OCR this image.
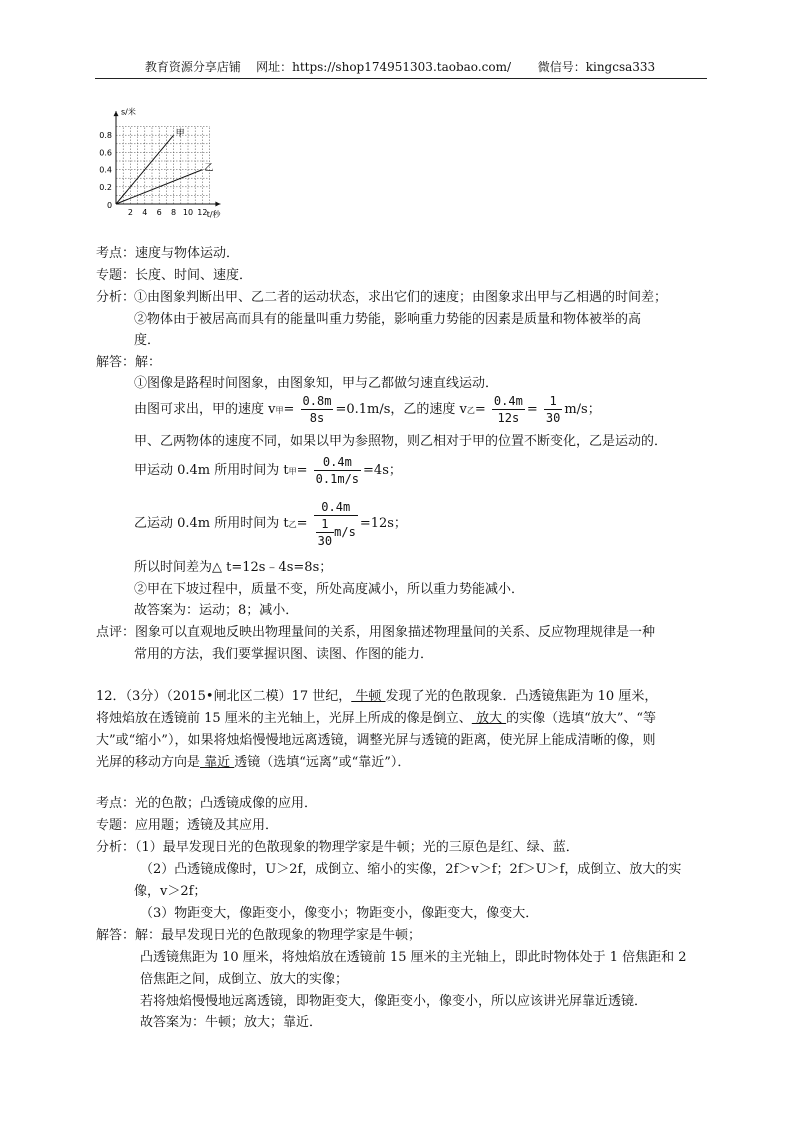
教育资源分享店铺 网址：https://shop174951303.taobao.com/ 微信号：kingcsa333
s/米
t/秒
0
2 4 6 8 10 12
0.8
0.6
0.4
0.2
甲
乙
考点：速度与物体运动．
专题：长度、时间、速度．
分析：
①由图象判断出甲、乙二者的运动状态，求出它们的速度；由图象求出甲与乙相遇的时间差；
②物体由于被居高而具有的能量叫重力势能，影响重力势能的因素是质量和物体被举的高
度．
解答：解：
①图像是路程时间图象，由图象知，甲与乙都做匀速直线运动．
由图可求出，甲的速度 v甲= $\frac{0.8m}{8s} =0.1m/s$，乙的速度 v乙= $\frac{0.4m}{12s} = \frac{1}{30} m/s$；
甲、乙两物体的速度不同，如果以甲为参照物，则乙相对于甲的位置不断变化，乙是运动的．
甲运动 0.4m 所用时间为 t甲= $\frac{0.4m}{0.1m/s} =4s$；
乙运动 0.4m 所用时间为 t乙= $\frac{0.4m}{\frac{1}{30} m/s} =12s$；
所以时间差为△ t=12s﹣4s=8s；
②甲在下坡过程中，质量不变，所处高度减小，所以重力势能减小．
故答案为：运动；8；减小．
点评：图象可以直观地反映出物理量间的关系，用图象描述物理量间的关系、反应物理规律是一种
常用的方法，我们要掌握识图、读图、作图的能力．
12．（3分）（2015•闸北区二模）17 世纪， 牛顿 发现了光的色散现象．凸透镜焦距为 10 厘米，
将烛焰放在透镜前 15 厘米的主光轴上，光屏上所成的像是倒立、 放大 的实像（选填“放大”、“等
大”或“缩小”），如果将烛焰慢慢地远离透镜，调整光屏与透镜的距离，使光屏上能成清晰的像，则
光屏的移动方向是 靠近 透镜（选填“远离”或“靠近”）．
考点：光的色散；凸透镜成像的应用．
专题：应用题；透镜及其应用．
分析：（1）最早发现日光的色散现象的物理学家是牛顿；光的三原色是红、绿、蓝．
（2）凸透镜成像时，U＞2f，成倒立、缩小的实像，2f＞v＞f；2f＞U＞f，成倒立、放大的实
像，v＞2f；
（3）物距变大，像距变小，像变小；物距变小，像距变大，像变大．
解答：解：最早发现日光的色散现象的物理学家是牛顿；
凸透镜焦距为 10 厘米，将烛焰放在透镜前 15 厘米的主光轴上，即此时物体处于 1 倍焦距和 2
倍焦距之间，成倒立、放大的实像；
若将烛焰慢慢地远离透镜，即物距变大，像距变小，像变小，所以应该讲光屏靠近透镜．
故答案为：牛顿；放大；靠近．
